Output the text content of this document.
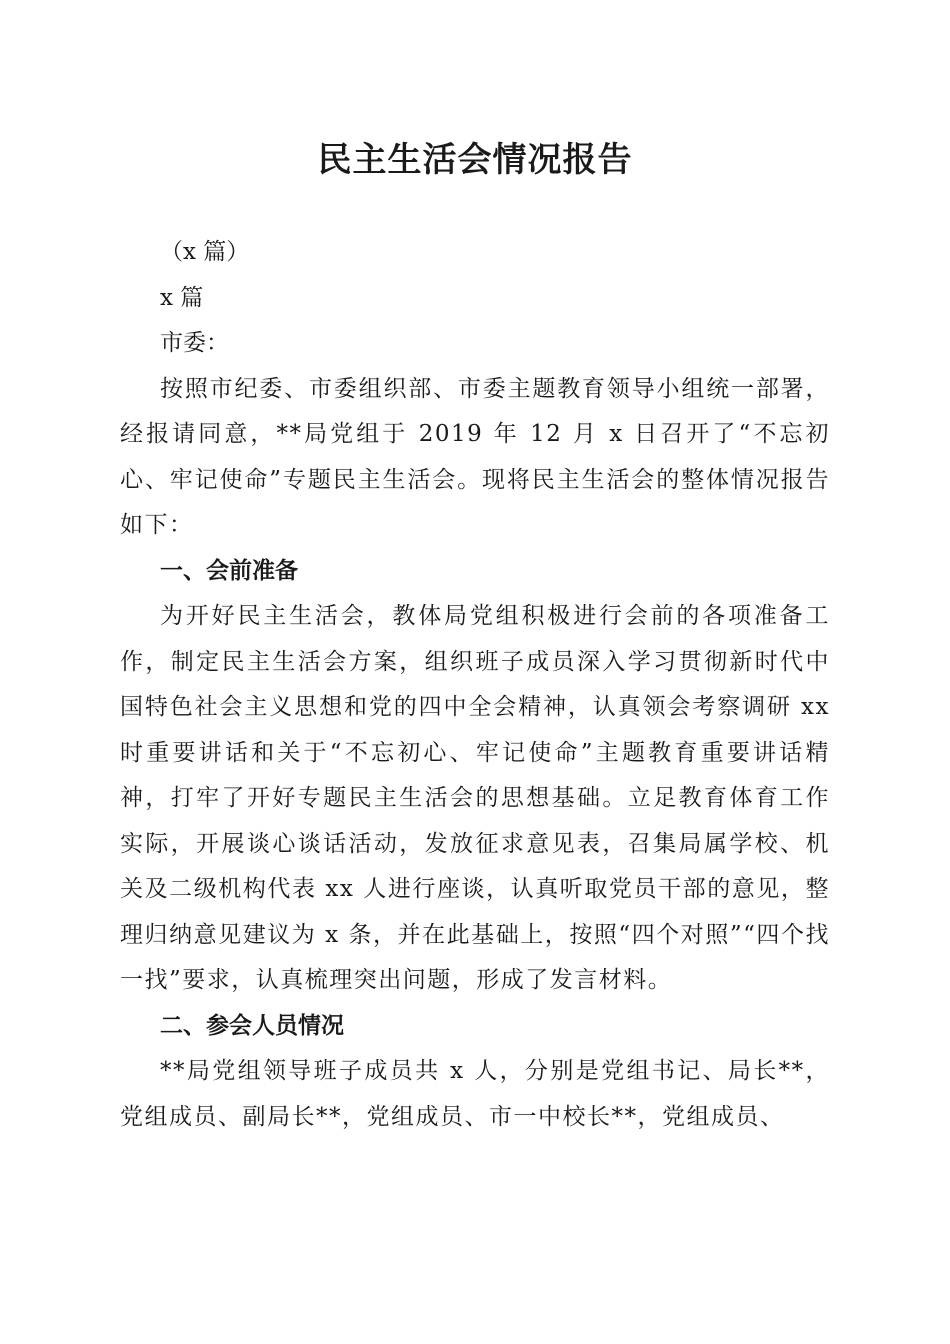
民主生活会情况报告

（x 篇）

x 篇

市委：

按照市纪委、市委组织部、市委主题教育领导小组统一部署，经报请同意，**局党组于 2019 年 12 月 x 日召开了“不忘初心、牢记使命”专题民主生活会。现将民主生活会的整体情况报告如下：

一、会前准备

为开好民主生活会，教体局党组积极进行会前的各项准备工作，制定民主生活会方案，组织班子成员深入学习贯彻新时代中国特色社会主义思想和党的四中全会精神，认真领会考察调研 xx 时重要讲话和关于“不忘初心、牢记使命”主题教育重要讲话精神，打牢了开好专题民主生活会的思想基础。立足教育体育工作实际，开展谈心谈话活动，发放征求意见表，召集局属学校、机关及二级机构代表 xx 人进行座谈，认真听取党员干部的意见，整理归纳意见建议为 x 条，并在此基础上，按照“四个对照”“四个找一找”要求，认真梳理突出问题，形成了发言材料。

二、参会人员情况

**局党组领导班子成员共 x 人，分别是党组书记、局长**，党组成员、副局长**，党组成员、市一中校长**，党组成员、
